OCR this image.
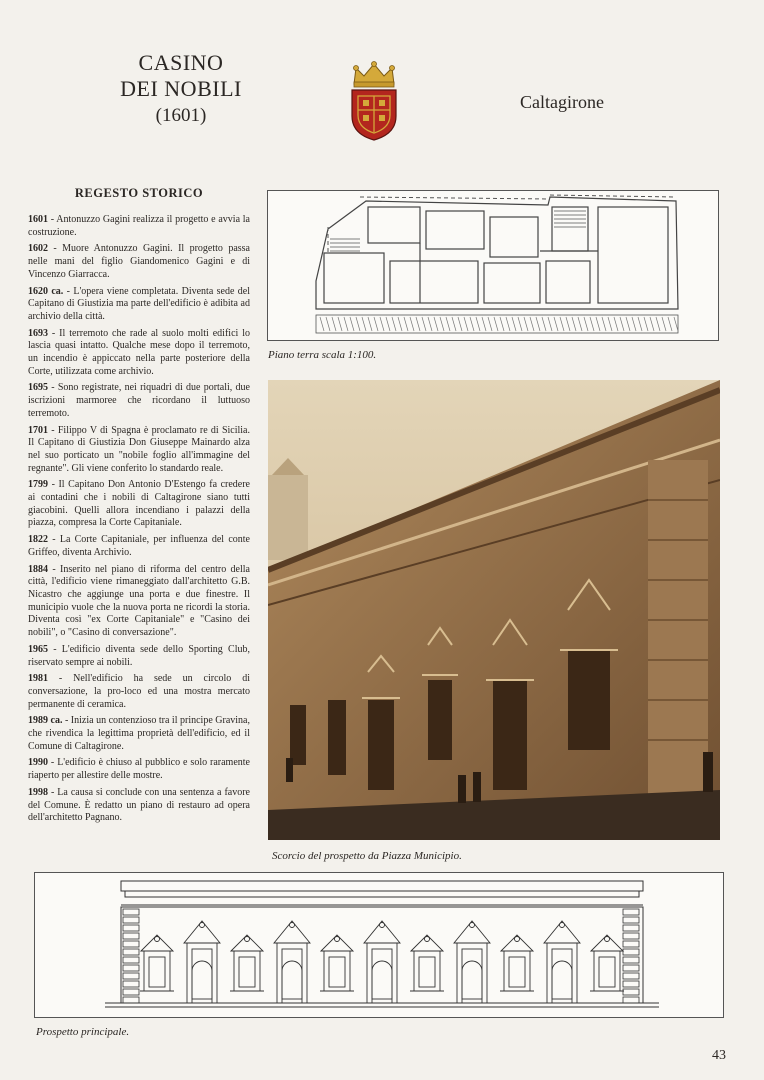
CASINO
DEI NOBILI
(1601)
Caltagirone
REGESTO STORICO

1601 - Antonuzzo Gagini realizza il progetto e avvia la costruzione.

1602 - Muore Antonuzzo Gagini. Il progetto passa nelle mani del figlio Giandomenico Gagini e di Vincenzo Giarracca.

1620 ca. - L'opera viene completata. Diventa sede del Capitano di Giustizia ma parte dell'edificio è adibita ad archivio della città.

1693 - Il terremoto che rade al suolo molti edifici lo lascia quasi intatto. Qualche mese dopo il terremoto, un incendio è appiccato nella parte posteriore della Corte, utilizzata come archivio.

1695 - Sono registrate, nei riquadri di due portali, due iscrizioni marmoree che ricordano il luttuoso terremoto.

1701 - Filippo V di Spagna è proclamato re di Sicilia. Il Capitano di Giustizia Don Giuseppe Mainardo alza nel suo porticato un "nobile foglio all'immagine del regnante". Gli viene conferito lo standardo reale.

1799 - Il Capitano Don Antonio D'Estengo fa credere ai contadini che i nobili di Caltagirone siano tutti giacobini. Quelli allora incendiano i palazzi della piazza, compresa la Corte Capitaniale.

1822 - La Corte Capitaniale, per influenza del conte Griffeo, diventa Archivio.

1884 - Inserito nel piano di riforma del centro della città, l'edificio viene rimaneggiato dall'architetto G.B. Nicastro che aggiunge una porta e due finestre. Il municipio vuole che la nuova porta ne ricordi la storia. Diventa così "ex Corte Capitaniale" e "Casino dei nobili", o "Casino di conversazione".

1965 - L'edificio diventa sede dello Sporting Club, riservato sempre ai nobili.

1981 - Nell'edificio ha sede un circolo di conversazione, la pro-loco ed una mostra mercato permanente di ceramica.

1989 ca. - Inizia un contenzioso tra il principe Gravina, che rivendica la legittima proprietà dell'edificio, ed il Comune di Caltagirone.

1990 - L'edificio è chiuso al pubblico e solo raramente riaperto per allestire delle mostre.

1998 - La causa si conclude con una sentenza a favore del Comune. È redatto un piano di restauro ad opera dell'architetto Pagnano.

Piano terra scala 1:100.
Scorcio del prospetto da Piazza Municipio.
Prospetto principale.
43
